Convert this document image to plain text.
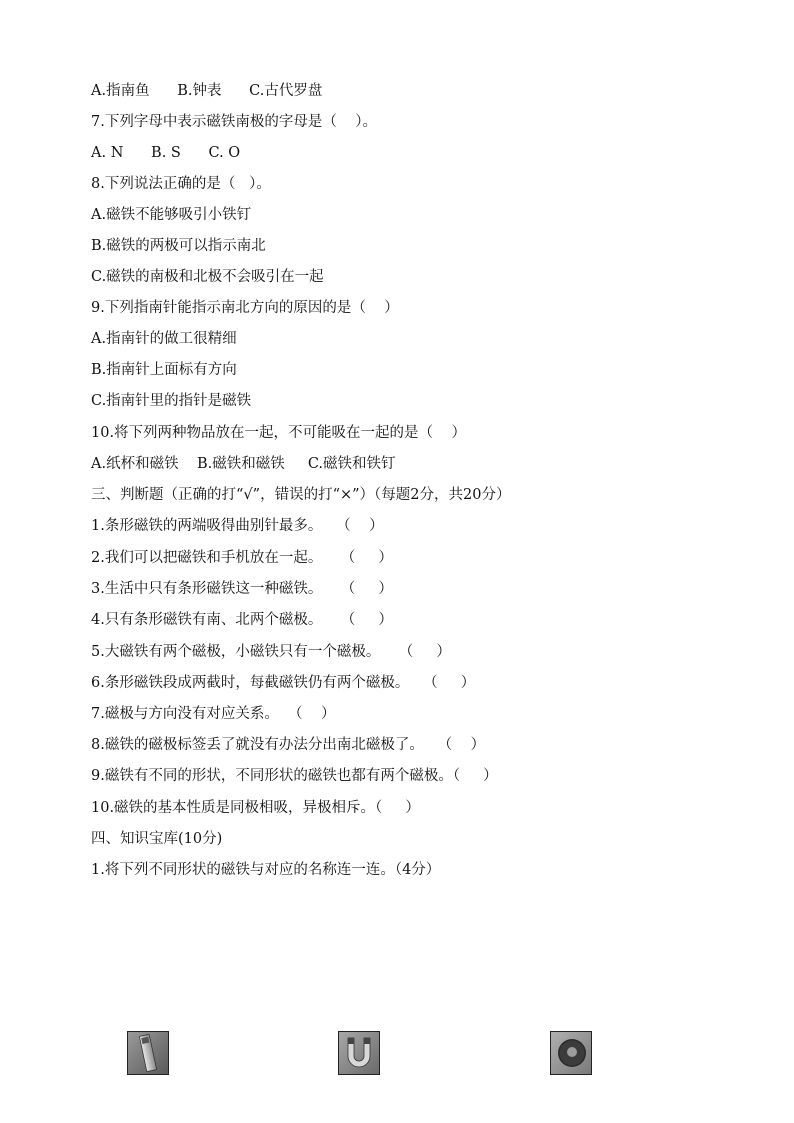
A.指南鱼      B.钟表      C.古代罗盘
7.下列字母中表示磁铁南极的字母是（    ）。
A. N      B. S      C. O
8.下列说法正确的是（   ）。
A.磁铁不能够吸引小铁钉
B.磁铁的两极可以指示南北
C.磁铁的南极和北极不会吸引在一起
9.下列指南针能指示南北方向的原因的是（    ）
A.指南针的做工很精细
B.指南针上面标有方向
C.指南针里的指针是磁铁
10.将下列两种物品放在一起，不可能吸在一起的是（    ）
A.纸杯和磁铁    B.磁铁和磁铁     C.磁铁和铁钉
三、判断题（正确的打“√”，错误的打“×”）（每题2分，共20分）
1.条形磁铁的两端吸得曲别针最多。   （    ）
2.我们可以把磁铁和手机放在一起。    （     ）
3.生活中只有条形磁铁这一种磁铁。    （     ）
4.只有条形磁铁有南、北两个磁极。    （     ）
5.大磁铁有两个磁极，小磁铁只有一个磁极。    （     ）
6.条形磁铁段成两截时，每截磁铁仍有两个磁极。   （     ）
7.磁极与方向没有对应关系。  （    ）
8.磁铁的磁极标签丢了就没有办法分出南北磁极了。   （    ）
9.磁铁有不同的形状，不同形状的磁铁也都有两个磁极。（     ）
10.磁铁的基本性质是同极相吸，异极相斥。（     ）
四、知识宝库(10分)
1.将下列不同形状的磁铁与对应的名称连一连。（4分）
